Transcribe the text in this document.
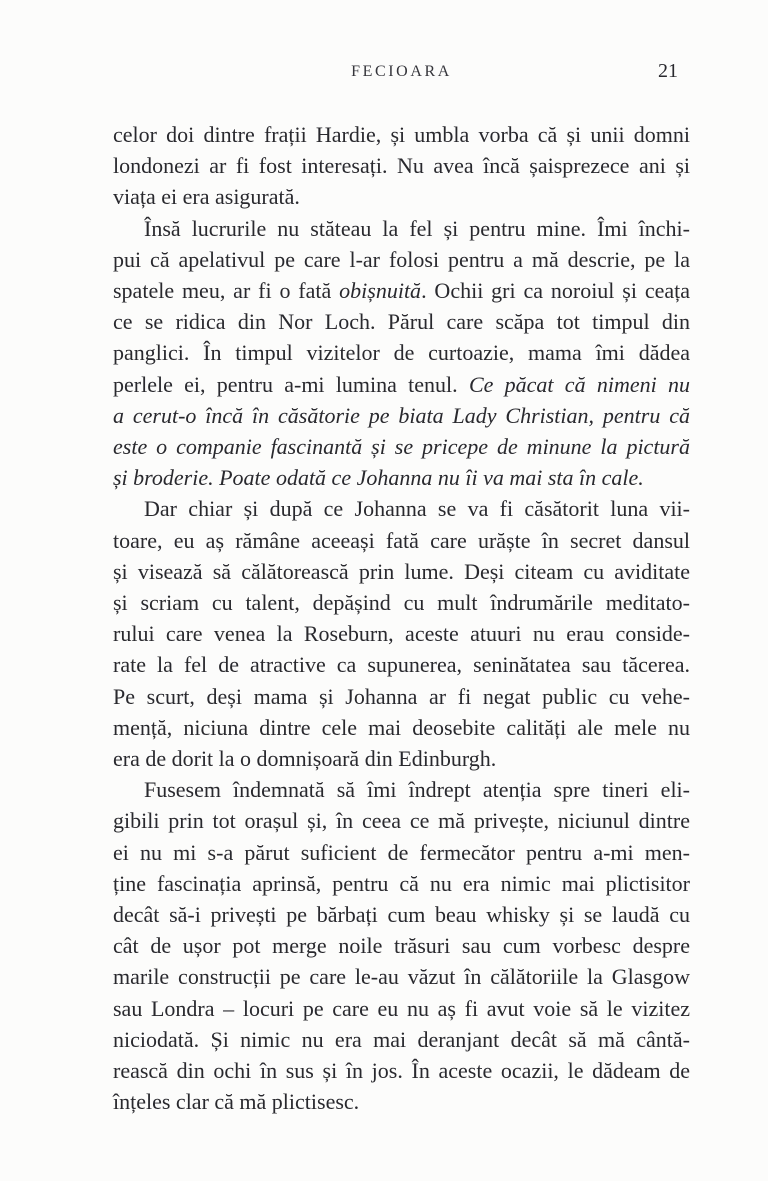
FECIOARA	21
celor doi dintre frații Hardie, și umbla vorba că și unii domni
londonezi ar fi fost interesați. Nu avea încă șaisprezece ani și
viața ei era asigurată.
Însă lucrurile nu stăteau la fel și pentru mine. Îmi închi-
pui că apelativul pe care l-ar folosi pentru a mă descrie, pe la
spatele meu, ar fi o fată obișnuită. Ochii gri ca noroiul și ceața
ce se ridica din Nor Loch. Părul care scăpa tot timpul din
panglici. În timpul vizitelor de curtoazie, mama îmi dădea
perlele ei, pentru a-mi lumina tenul. Ce păcat că nimeni nu
a cerut-o încă în căsătorie pe biata Lady Christian, pentru că
este o companie fascinantă și se pricepe de minune la pictură
și broderie. Poate odată ce Johanna nu îi va mai sta în cale.
Dar chiar și după ce Johanna se va fi căsătorit luna vii-
toare, eu aș rămâne aceeași fată care urăște în secret dansul
și visează să călătorească prin lume. Deși citeam cu aviditate
și scriam cu talent, depășind cu mult îndrumările meditato-
rului care venea la Roseburn, aceste atuuri nu erau conside-
rate la fel de atractive ca supunerea, seninătatea sau tăcerea.
Pe scurt, deși mama și Johanna ar fi negat public cu vehe-
mență, niciuna dintre cele mai deosebite calități ale mele nu
era de dorit la o domnișoară din Edinburgh.
Fusesem îndemnată să îmi îndrept atenția spre tineri eli-
gibili prin tot orașul și, în ceea ce mă privește, niciunul dintre
ei nu mi s-a părut suficient de fermecător pentru a-mi men-
ține fascinația aprinsă, pentru că nu era nimic mai plictisitor
decât să-i privești pe bărbați cum beau whisky și se laudă cu
cât de ușor pot merge noile trăsuri sau cum vorbesc despre
marile construcții pe care le-au văzut în călătoriile la Glasgow
sau Londra – locuri pe care eu nu aș fi avut voie să le vizitez
niciodată. Și nimic nu era mai deranjant decât să mă cântă-
rească din ochi în sus și în jos. În aceste ocazii, le dădeam de
înțeles clar că mă plictisesc.
